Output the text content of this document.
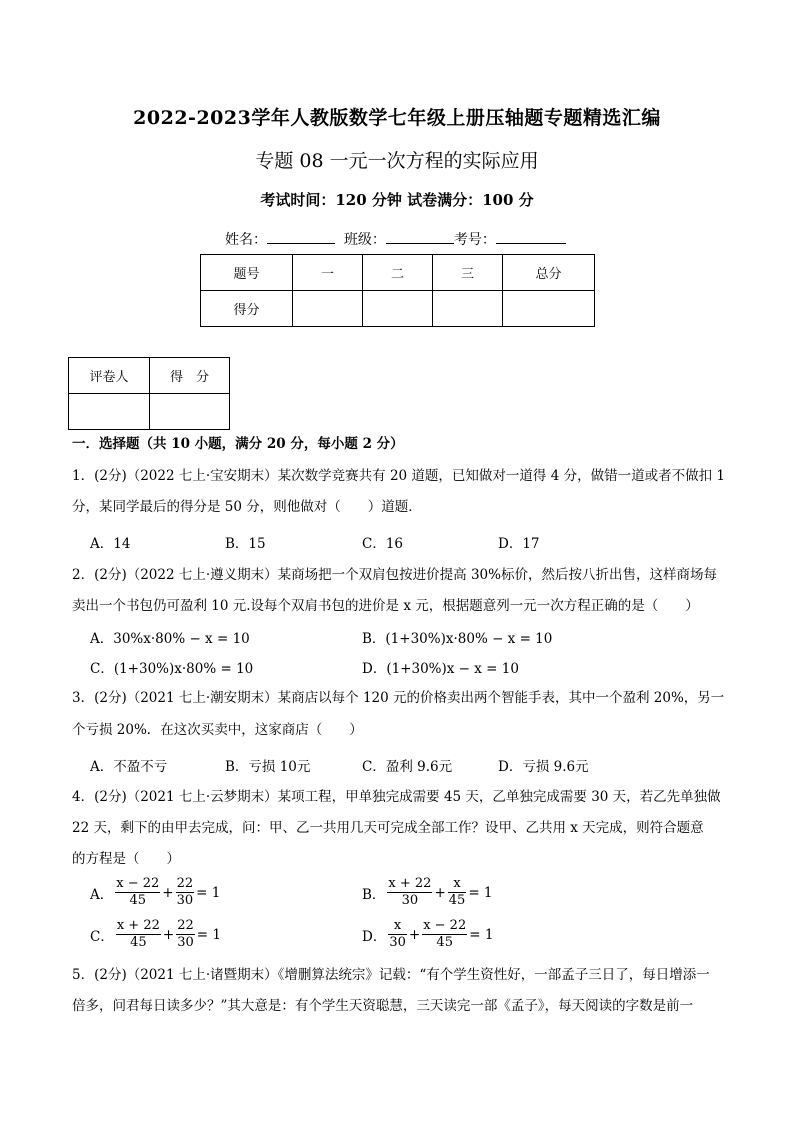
2022-2023学年人教版数学七年级上册压轴题专题精选汇编
专题 08 一元一次方程的实际应用
考试时间：120 分钟 试卷满分：100 分
姓名：	班级：	考号：
题号	一	二	三	总分
得分				
评卷人	得　分

一．选择题（共 10 小题，满分 20 分，每小题 2 分）
1．(2分)（2022 七上·宝安期末）某次数学竞赛共有 20 道题，已知做对一道得 4 分，做错一道或者不做扣 1
分，某同学最后的得分是 50 分，则他做对（　　）道题．
A．14	B．15	C．16	D．17
2．(2分)（2022 七上·遵义期末）某商场把一个双肩包按进价提高 30%标价，然后按八折出售，这样商场每
卖出一个书包仍可盈利 10 元.设每个双肩书包的进价是 x 元，根据题意列一元一次方程正确的是（　　）
A．30%x·80% − x = 10	B．(1+30%)x·80% − x = 10
C．(1+30%)x·80% = 10	D．(1+30%)x − x = 10
3．(2分)（2021 七上·潮安期末）某商店以每个 120 元的价格卖出两个智能手表，其中一个盈利 20%，另一
个亏损 20%．在这次买卖中，这家商店（　　）
A．不盈不亏	B．亏损 10元	C．盈利 9.6元	D．亏损 9.6元
4．(2分)（2021 七上·云梦期末）某项工程，甲单独完成需要 45 天，乙单独完成需要 30 天，若乙先单独做
22 天，剩下的由甲去完成，问：甲、乙一共用几天可完成全部工作？设甲、乙共用 x 天完成，则符合题意
的方程是（　　）
A． $\frac{x - 22}{45} + \frac{22}{30} = 1$	B． $\frac{x + 22}{30} + \frac{x}{45} = 1$
C． $\frac{x + 22}{45} + \frac{22}{30} = 1$	D． $\frac{x}{30} + \frac{x - 22}{45} = 1$
5．(2分)（2021 七上·诸暨期末）《增删算法统宗》记载：“有个学生资性好，一部孟子三日了，每日增添一
倍多，问君每日读多少？”其大意是：有个学生天资聪慧，三天读完一部《孟子》，每天阅读的字数是前一
